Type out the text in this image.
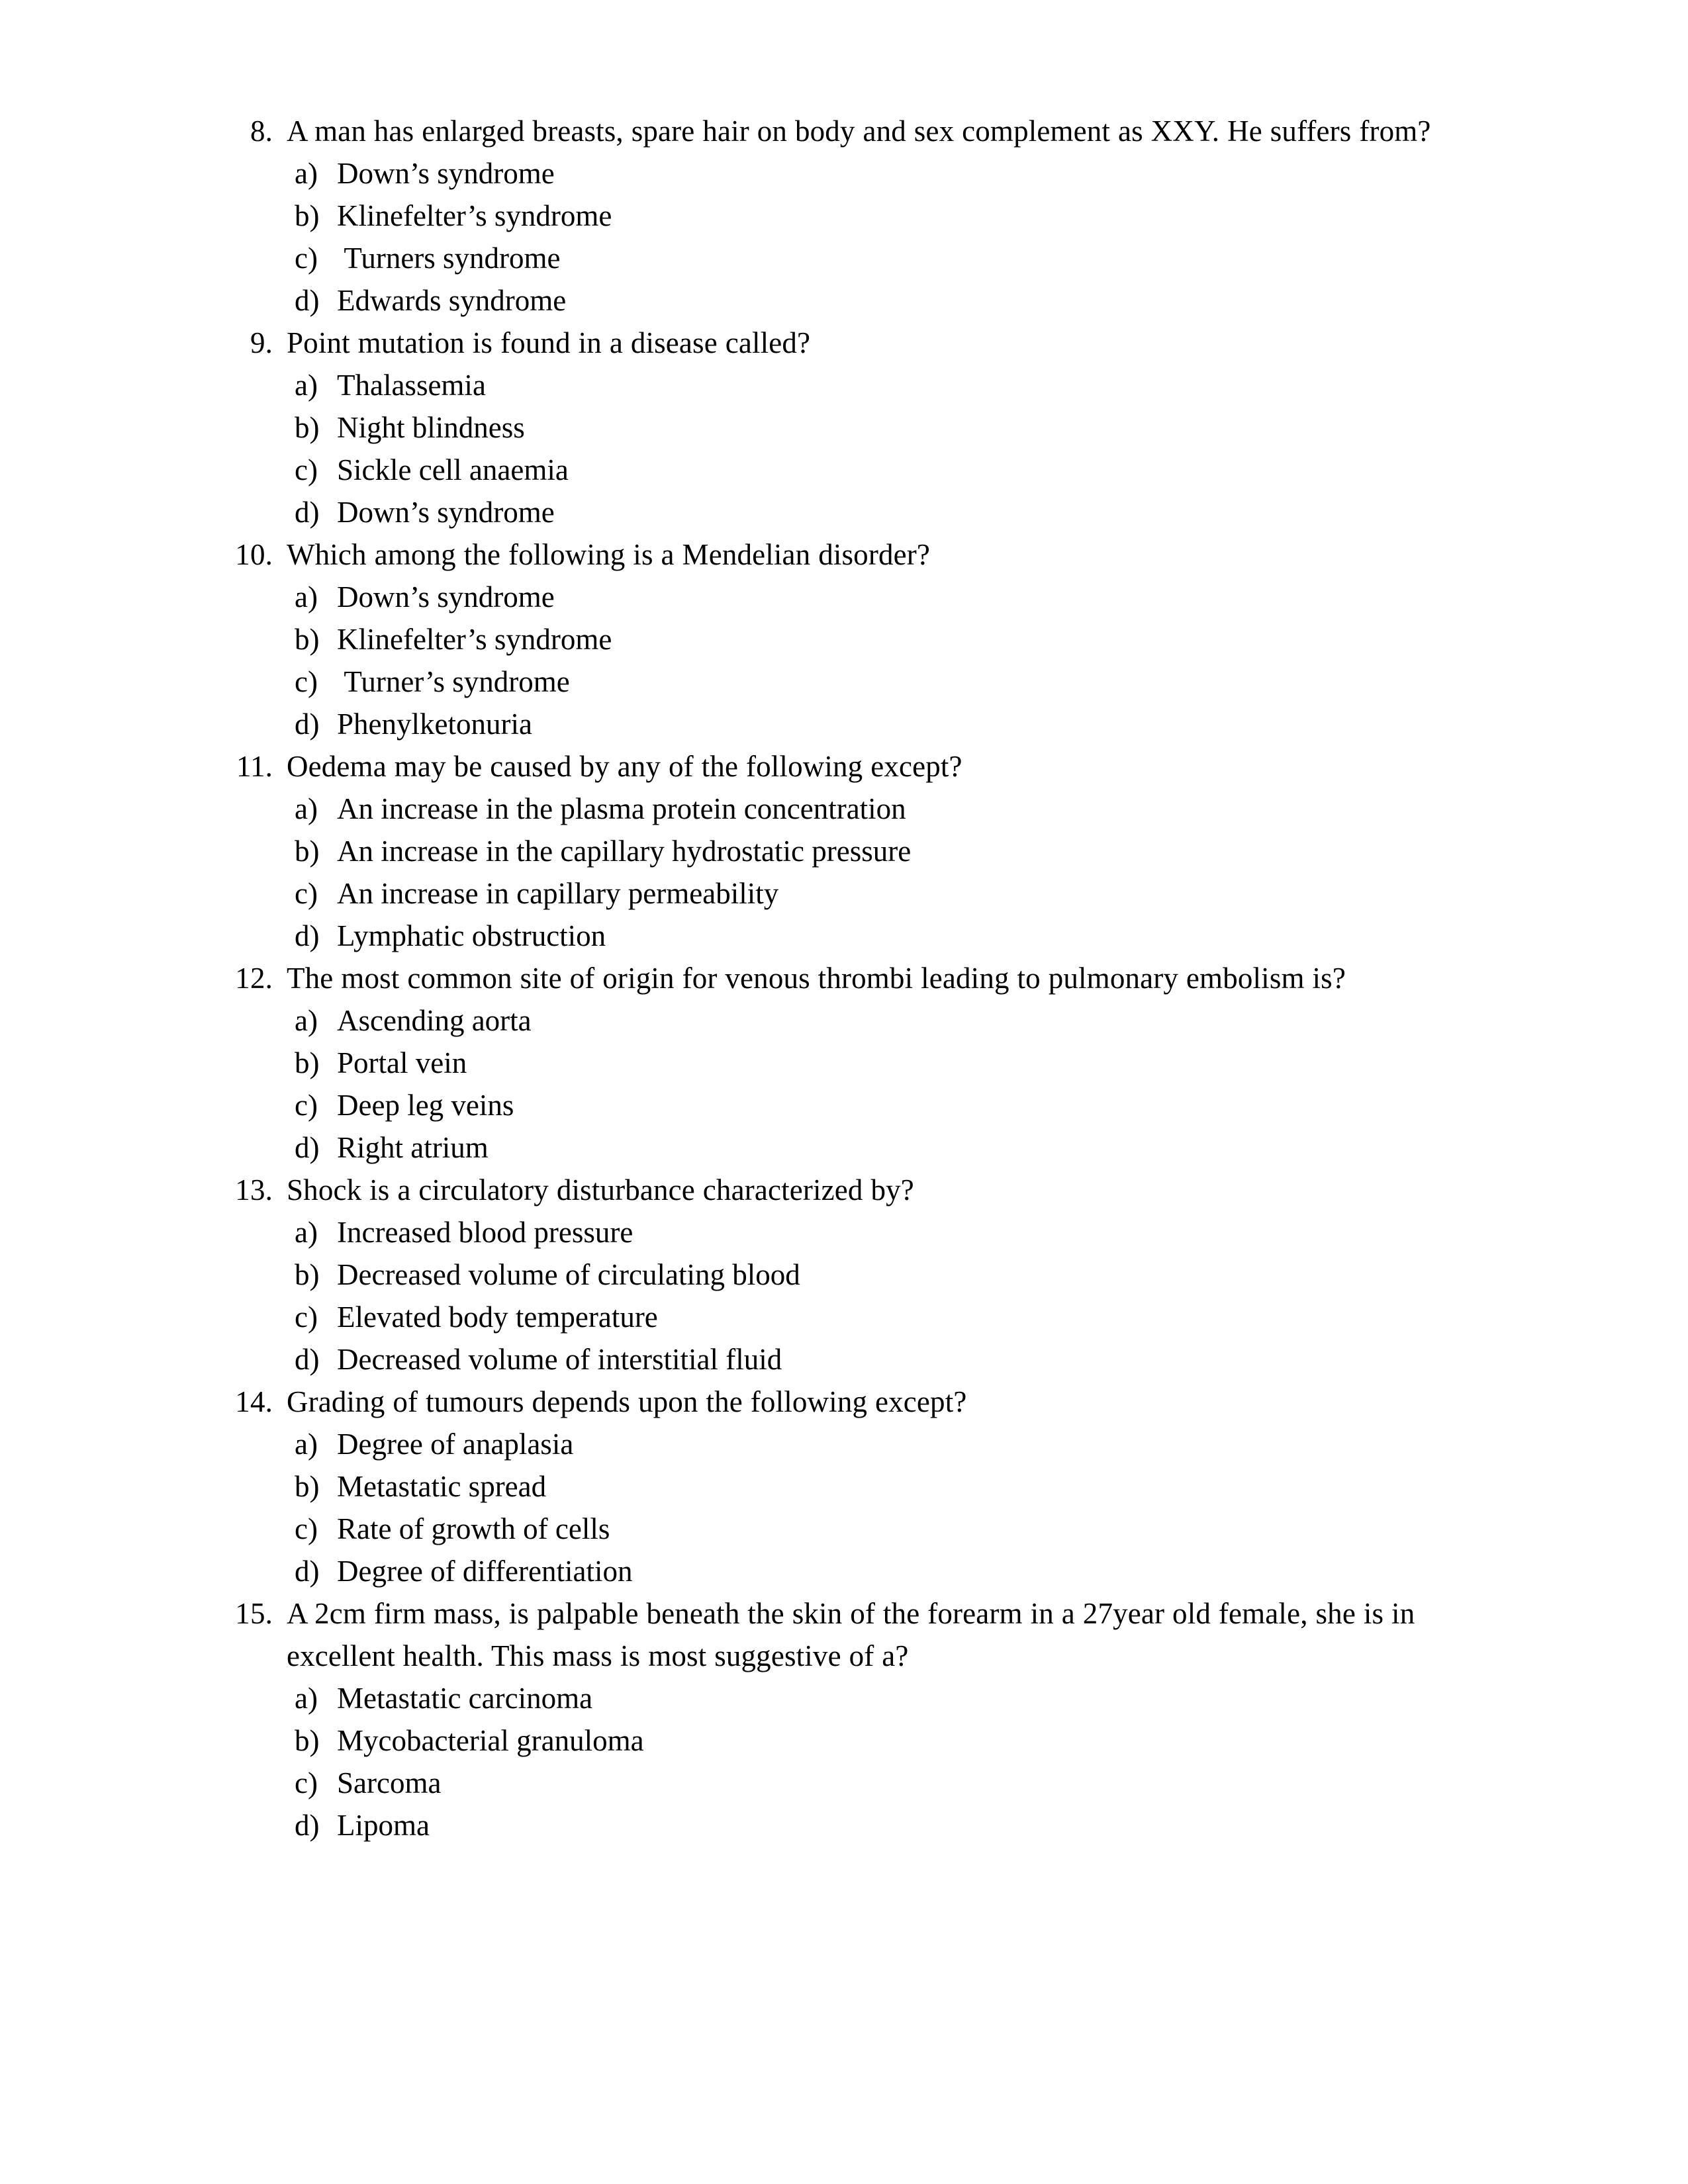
8. A man has enlarged breasts, spare hair on body and sex complement as XXY. He suffers from?
a) Down’s syndrome
b) Klinefelter’s syndrome
c) Turners syndrome
d) Edwards syndrome
9. Point mutation is found in a disease called?
a) Thalassemia
b) Night blindness
c) Sickle cell anaemia
d) Down’s syndrome
10. Which among the following is a Mendelian disorder?
a) Down’s syndrome
b) Klinefelter’s syndrome
c) Turner’s syndrome
d) Phenylketonuria
11. Oedema may be caused by any of the following except?
a) An increase in the plasma protein concentration
b) An increase in the capillary hydrostatic pressure
c) An increase in capillary permeability
d) Lymphatic obstruction
12. The most common site of origin for venous thrombi leading to pulmonary embolism is?
a) Ascending aorta
b) Portal vein
c) Deep leg veins
d) Right atrium
13. Shock is a circulatory disturbance characterized by?
a) Increased blood pressure
b) Decreased volume of circulating blood
c) Elevated body temperature
d) Decreased volume of interstitial fluid
14. Grading of tumours depends upon the following except?
a) Degree of anaplasia
b) Metastatic spread
c) Rate of growth of cells
d) Degree of differentiation
15. A 2cm firm mass, is palpable beneath the skin of the forearm in a 27year old female, she is in excellent health. This mass is most suggestive of a?
a) Metastatic carcinoma
b) Mycobacterial granuloma
c) Sarcoma
d) Lipoma
